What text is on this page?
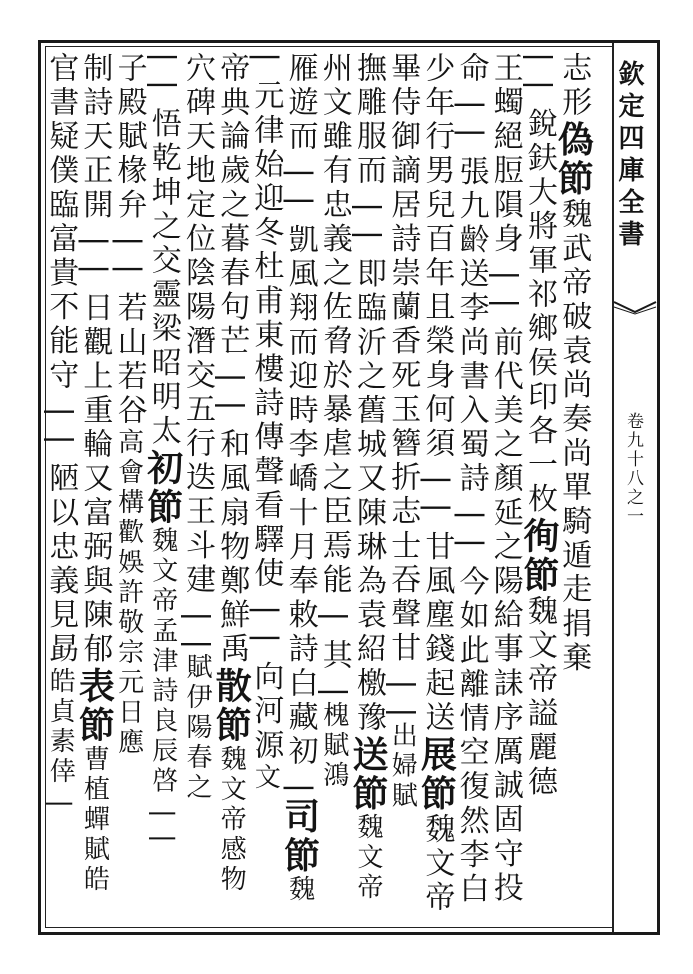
欽定四庫全書
卷九十八之一
志形偽節魏武帝破袁尚奏尚單騎遁走捐棄
| | 銳鈇大將軍祁鄉侯印各一枚徇節魏文帝謚麗德
王蠋絕脰隕身 | | 前代美之顏延之陽給事誄序厲誠固守投
命 | | 張九齡送李尚書入蜀詩 | | 今如此離情空復然李白
少年行男兒百年且榮身何須 | | 甘風塵錢起送展節魏文帝
畢侍御謫居詩崇蘭香死玉簪折志士吞聲甘 | |出婦賦
撫雕服而 | | 即臨沂之舊城又陳琳為袁紹檄豫送節魏文帝
州文雖有忠義之佐脅於暴虐之臣焉能 | 其 |槐賦鴻
雁遊而 | | 凱風翔而迎時李嶠十月奉敕詩白藏初 |司節魏
| 元律始迎冬杜甫東樓詩傳聲看驛使 | | 向河源文
帝典論歲之暮春句芒 | | 和風扇物鄭鮮禹散節魏文帝感物
穴碑天地定位陰陽潛交五行迭王斗建 | |賦伊陽春之
| | 悟乾坤之交靈梁昭明太初節魏文帝孟津詩良辰啓 | |
子殿賦椽弁 | | 若山若谷高會構歡娛許敬宗元日應
制詩天正開 | | 日觀上重輪又富弼與陳郁表節曹植蟬賦皓
官書疑僕臨富貴不能守 | | 陋以忠義見勗皓貞素倖 |
